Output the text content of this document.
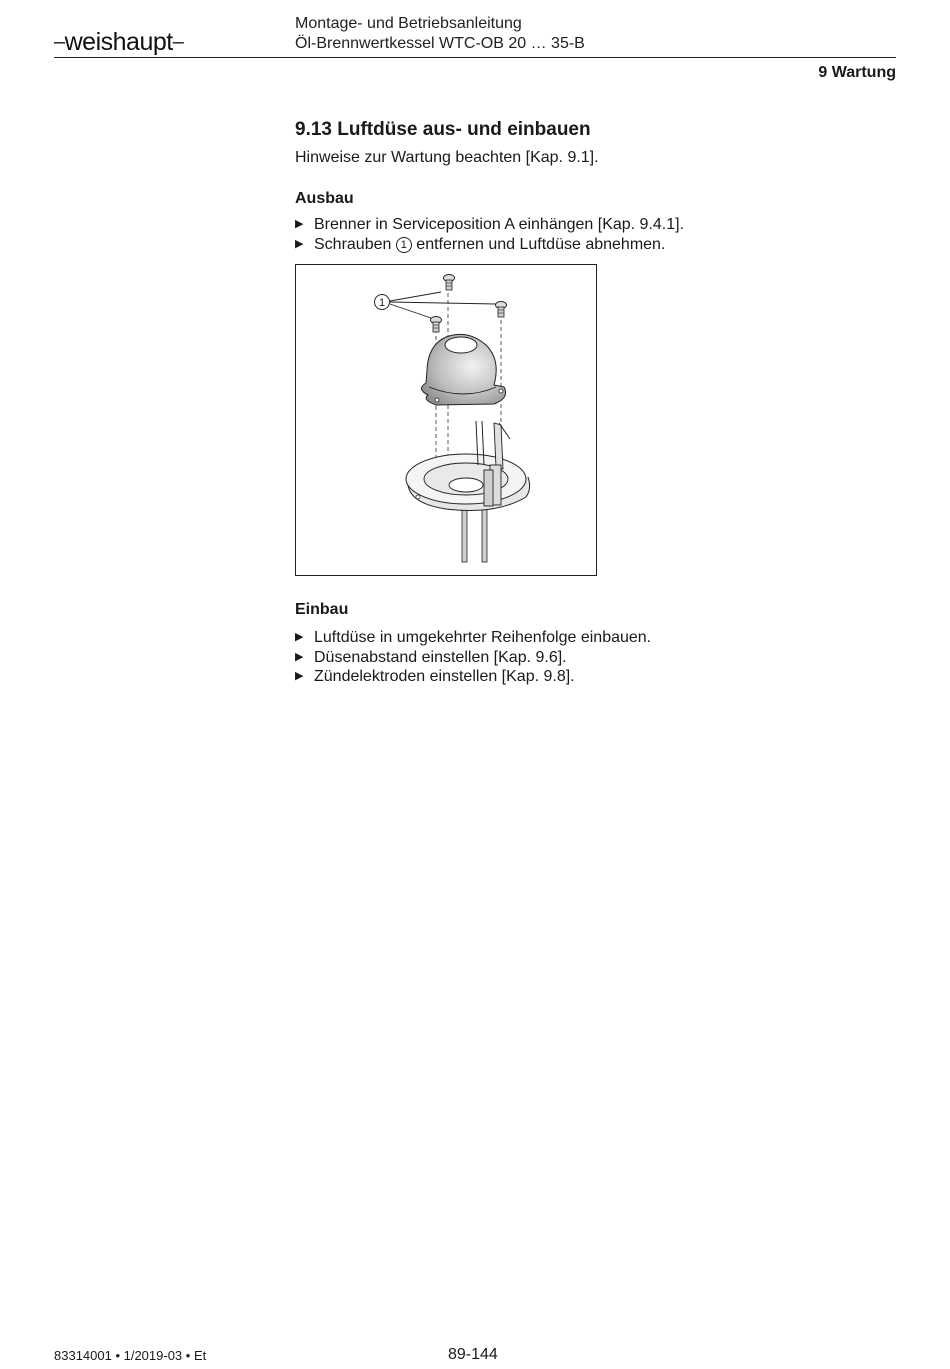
–weishaupt–
Montage- und Betriebsanleitung
Öl-Brennwertkessel WTC-OB 20 … 35-B
9 Wartung
9.13 Luftdüse aus- und einbauen

Hinweise zur Wartung beachten [Kap. 9.1].

Ausbau
▶ Brenner in Serviceposition A einhängen [Kap. 9.4.1].
▶ Schrauben 1 entfernen und Luftdüse abnehmen.
1
Einbau
▶ Luftdüse in umgekehrter Reihenfolge einbauen.
▶ Düsenabstand einstellen [Kap. 9.6].
▶ Zündelektroden einstellen [Kap. 9.8].
83314001 • 1/2019-03 • Et	89-144
